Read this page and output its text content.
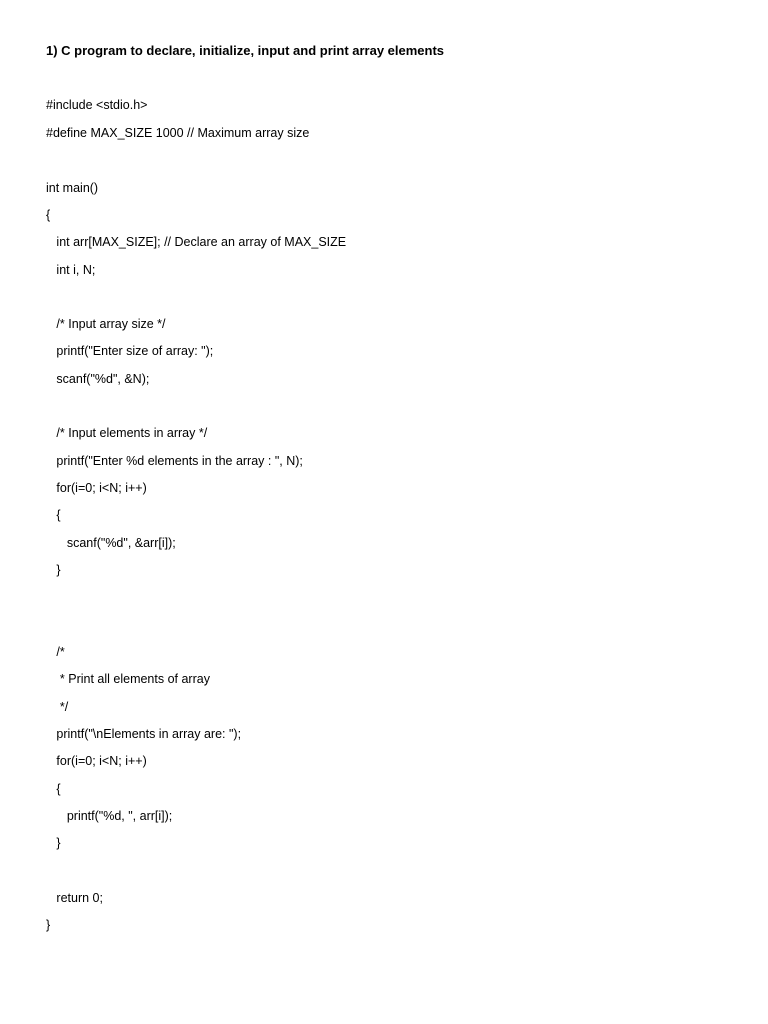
1) C program to declare, initialize, input and print array elements
#include <stdio.h>
#define MAX_SIZE 1000 // Maximum array size
int main()
{
int arr[MAX_SIZE]; // Declare an array of MAX_SIZE
int i, N;
/* Input array size */
printf("Enter size of array: ");
scanf("%d", &N);
/* Input elements in array */
printf("Enter %d elements in the array : ", N);
for(i=0; i<N; i++)
{
scanf("%d", &arr[i]);
}
/*
* Print all elements of array
*/
printf("\nElements in array are: ");
for(i=0; i<N; i++)
{
printf("%d, ", arr[i]);
}
return 0;
}
